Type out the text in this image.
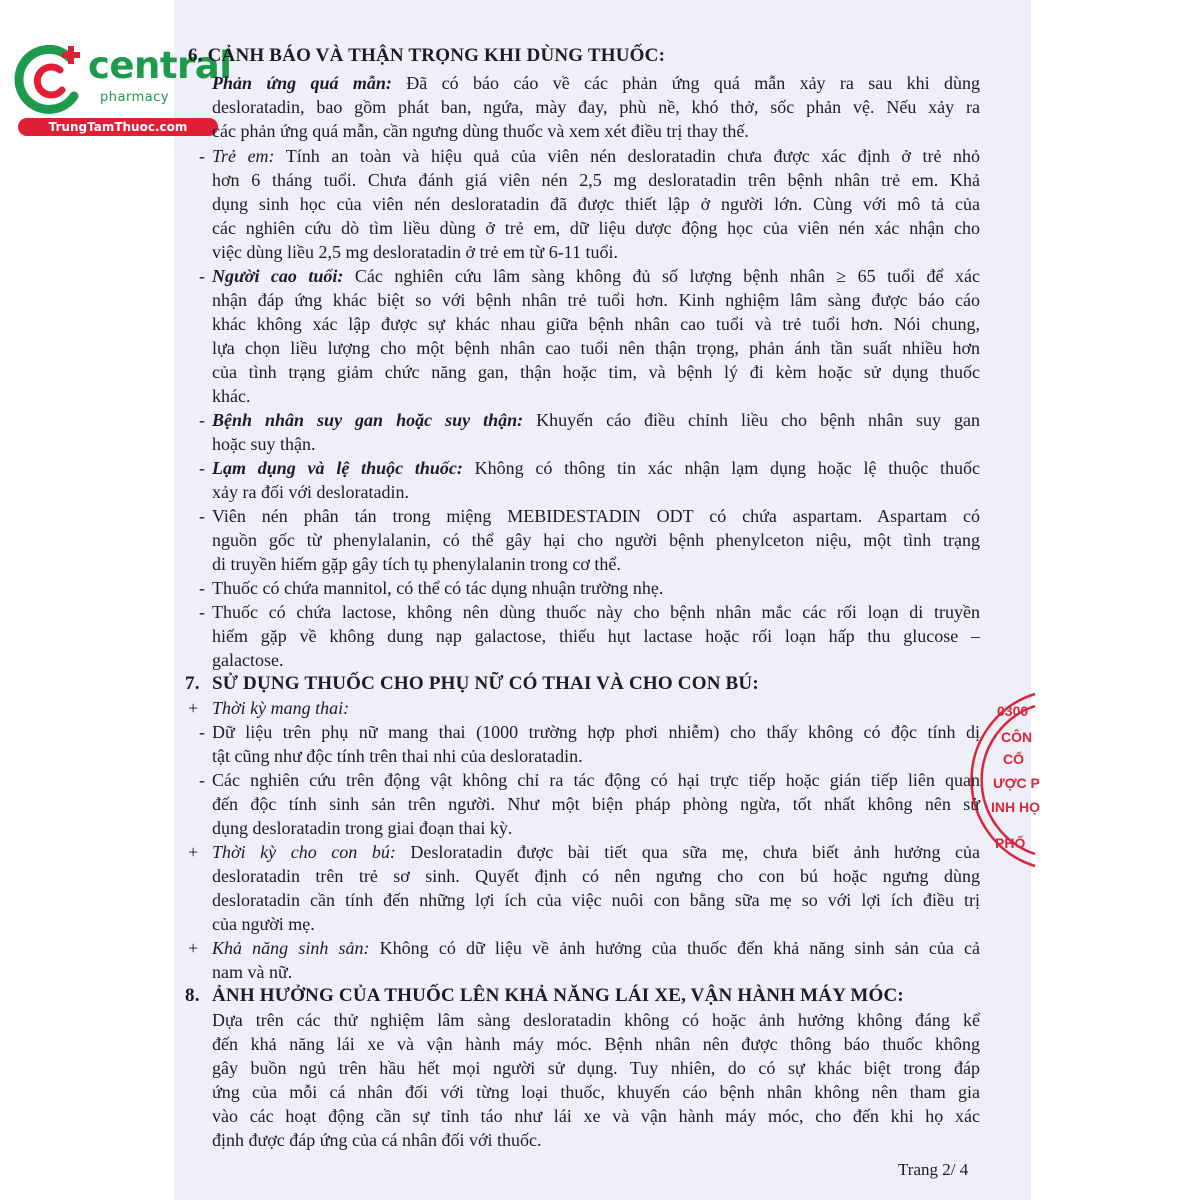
central
pharmacy
TrungTamThuoc.com
0300
CÔN
CỔ
ƯỢC P
INH HỌ
PHỐ
6. CẢNH BÁO VÀ THẬN TRỌNG KHI DÙNG THUỐC:
Phản ứng quá mẫn: Đã có báo cáo về các phản ứng quá mẫn xảy ra sau khi dùng
desloratadin, bao gồm phát ban, ngứa, mày đay, phù nề, khó thở, sốc phản vệ. Nếu xảy ra
các phản ứng quá mẫn, cần ngưng dùng thuốc và xem xét điều trị thay thế.
- Trẻ em: Tính an toàn và hiệu quả của viên nén desloratadin chưa được xác định ở trẻ nhỏ
hơn 6 tháng tuổi. Chưa đánh giá viên nén 2,5 mg desloratadin trên bệnh nhân trẻ em. Khả
dụng sinh học của viên nén desloratadin đã được thiết lập ở người lớn. Cùng với mô tả của
các nghiên cứu dò tìm liều dùng ở trẻ em, dữ liệu dược động học của viên nén xác nhận cho
việc dùng liều 2,5 mg desloratadin ở trẻ em từ 6-11 tuổi.
- Người cao tuổi: Các nghiên cứu lâm sàng không đủ số lượng bệnh nhân ≥ 65 tuổi để xác
nhận đáp ứng khác biệt so với bệnh nhân trẻ tuổi hơn. Kinh nghiệm lâm sàng được báo cáo
khác không xác lập được sự khác nhau giữa bệnh nhân cao tuổi và trẻ tuổi hơn. Nói chung,
lựa chọn liều lượng cho một bệnh nhân cao tuổi nên thận trọng, phản ánh tần suất nhiều hơn
của tình trạng giảm chức năng gan, thận hoặc tim, và bệnh lý đi kèm hoặc sử dụng thuốc
khác.
- Bệnh nhân suy gan hoặc suy thận: Khuyến cáo điều chỉnh liều cho bệnh nhân suy gan
hoặc suy thận.
- Lạm dụng và lệ thuộc thuốc: Không có thông tin xác nhận lạm dụng hoặc lệ thuộc thuốc
xảy ra đối với desloratadin.
- Viên nén phân tán trong miệng MEBIDESTADIN ODT có chứa aspartam. Aspartam có
nguồn gốc từ phenylalanin, có thể gây hại cho người bệnh phenylceton niệu, một tình trạng
di truyền hiếm gặp gây tích tụ phenylalanin trong cơ thể.
- Thuốc có chứa mannitol, có thể có tác dụng nhuận trường nhẹ.
- Thuốc có chứa lactose, không nên dùng thuốc này cho bệnh nhân mắc các rối loạn di truyền
hiếm gặp về không dung nạp galactose, thiếu hụt lactase hoặc rối loạn hấp thu glucose –
galactose.
7. SỬ DỤNG THUỐC CHO PHỤ NỮ CÓ THAI VÀ CHO CON BÚ:
+ Thời kỳ mang thai:
- Dữ liệu trên phụ nữ mang thai (1000 trường hợp phơi nhiễm) cho thấy không có độc tính dị
tật cũng như độc tính trên thai nhi của desloratadin.
- Các nghiên cứu trên động vật không chỉ ra tác động có hại trực tiếp hoặc gián tiếp liên quan
đến độc tính sinh sản trên người. Như một biện pháp phòng ngừa, tốt nhất không nên sử
dụng desloratadin trong giai đoạn thai kỳ.
+ Thời kỳ cho con bú: Desloratadin được bài tiết qua sữa mẹ, chưa biết ảnh hưởng của
desloratadin trên trẻ sơ sinh. Quyết định có nên ngưng cho con bú hoặc ngưng dùng
desloratadin cần tính đến những lợi ích của việc nuôi con bằng sữa mẹ so với lợi ích điều trị
của người mẹ.
+ Khả năng sinh sản: Không có dữ liệu về ảnh hưởng của thuốc đến khả năng sinh sản của cả
nam và nữ.
8. ẢNH HƯỞNG CỦA THUỐC LÊN KHẢ NĂNG LÁI XE, VẬN HÀNH MÁY MÓC:
Dựa trên các thử nghiệm lâm sàng desloratadin không có hoặc ảnh hưởng không đáng kể
đến khả năng lái xe và vận hành máy móc. Bệnh nhân nên được thông báo thuốc không
gây buồn ngủ trên hầu hết mọi người sử dụng. Tuy nhiên, do có sự khác biệt trong đáp
ứng của mỗi cá nhân đối với từng loại thuốc, khuyến cáo bệnh nhân không nên tham gia
vào các hoạt động cần sự tỉnh táo như lái xe và vận hành máy móc, cho đến khi họ xác
định được đáp ứng của cá nhân đối với thuốc.
Trang 2/ 4
